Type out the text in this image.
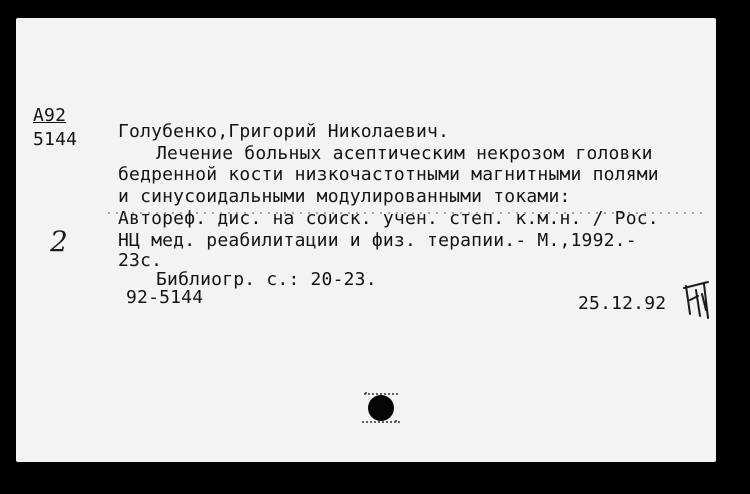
А92
5144 Голубенко,Григорий Николаевич.
Лечение больных асептическим некрозом головки
бедренной кости низкочастотными магнитными полями
и синусоидальными модулированными токами:
Автореф. дис. на соиск. учен. степ. к.м.н. / Рос.
НЦ мед. реабилитации и физ. терапии.- М.,1992.-
23с.
Библиогр. с.: 20-23.
92-5144	25.12.92
2
